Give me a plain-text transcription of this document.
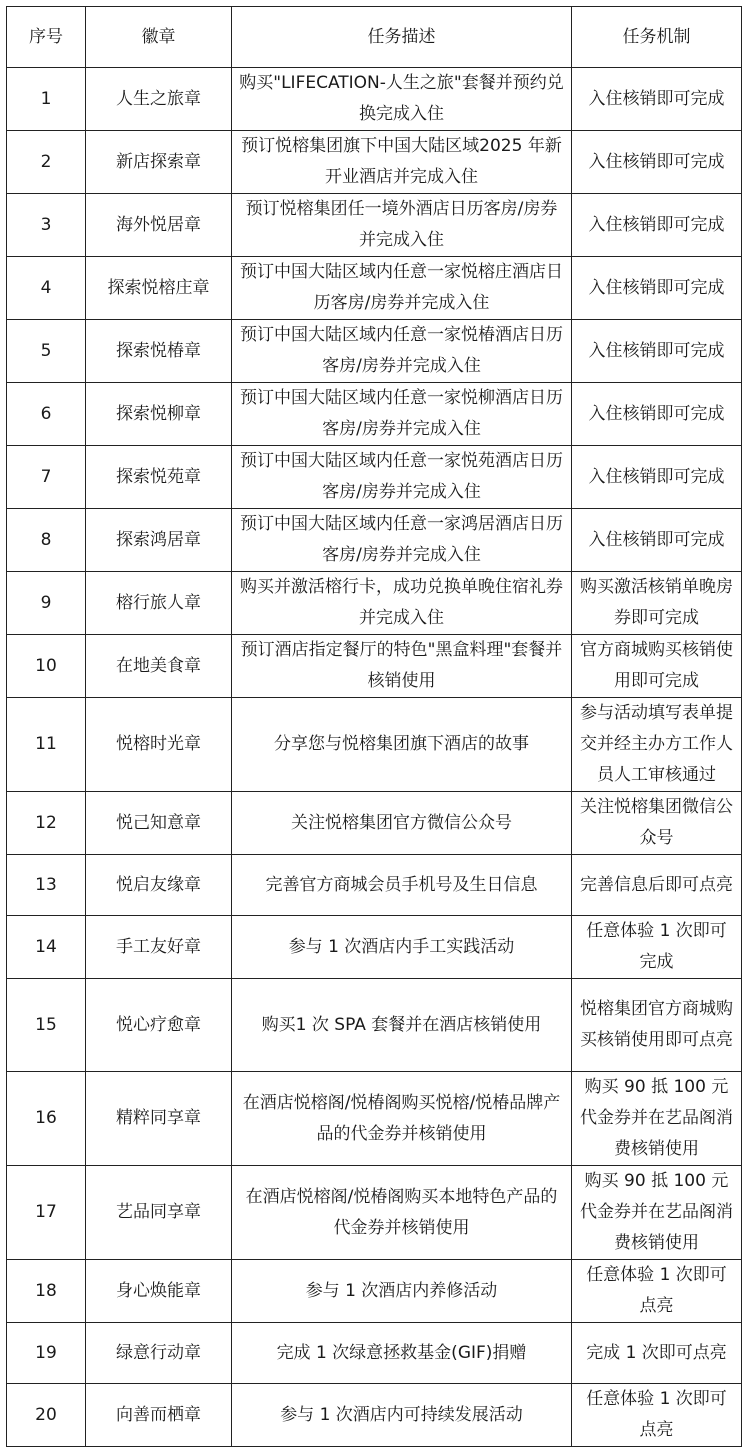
序号	徽章	任务描述	任务机制
1	人生之旅章	购买"LIFECATION-人生之旅"套餐并预约兑换完成入住	入住核销即可完成
2	新店探索章	预订悦榕集团旗下中国大陆区域2025 年新开业酒店并完成入住	入住核销即可完成
3	海外悦居章	预订悦榕集团任一境外酒店日历客房/房券并完成入住	入住核销即可完成
4	探索悦榕庄章	预订中国大陆区域内任意一家悦榕庄酒店日历客房/房券并完成入住	入住核销即可完成
5	探索悦椿章	预订中国大陆区域内任意一家悦椿酒店日历客房/房券并完成入住	入住核销即可完成
6	探索悦柳章	预订中国大陆区域内任意一家悦柳酒店日历客房/房券并完成入住	入住核销即可完成
7	探索悦苑章	预订中国大陆区域内任意一家悦苑酒店日历客房/房券并完成入住	入住核销即可完成
8	探索鸿居章	预订中国大陆区域内任意一家鸿居酒店日历客房/房券并完成入住	入住核销即可完成
9	榕行旅人章	购买并激活榕行卡，成功兑换单晚住宿礼券并完成入住	购买激活核销单晚房券即可完成
10	在地美食章	预订酒店指定餐厅的特色"黑盒料理"套餐并核销使用	官方商城购买核销使用即可完成
11	悦榕时光章	分享您与悦榕集团旗下酒店的故事	参与活动填写表单提交并经主办方工作人员人工审核通过
12	悦己知意章	关注悦榕集团官方微信公众号	关注悦榕集团微信公众号
13	悦启友缘章	完善官方商城会员手机号及生日信息	完善信息后即可点亮
14	手工友好章	参与 1 次酒店内手工实践活动	任意体验 1 次即可完成
15	悦心疗愈章	购买1 次 SPA 套餐并在酒店核销使用	悦榕集团官方商城购买核销使用即可点亮
16	精粹同享章	在酒店悦榕阁/悦椿阁购买悦榕/悦椿品牌产品的代金券并核销使用	购买 90 抵 100 元代金券并在艺品阁消费核销使用
17	艺品同享章	在酒店悦榕阁/悦椿阁购买本地特色产品的代金券并核销使用	购买 90 抵 100 元代金券并在艺品阁消费核销使用
18	身心焕能章	参与 1 次酒店内养修活动	任意体验 1 次即可点亮
19	绿意行动章	完成 1 次绿意拯救基金(GIF)捐赠	完成 1 次即可点亮
20	向善而栖章	参与 1 次酒店内可持续发展活动	任意体验 1 次即可点亮
